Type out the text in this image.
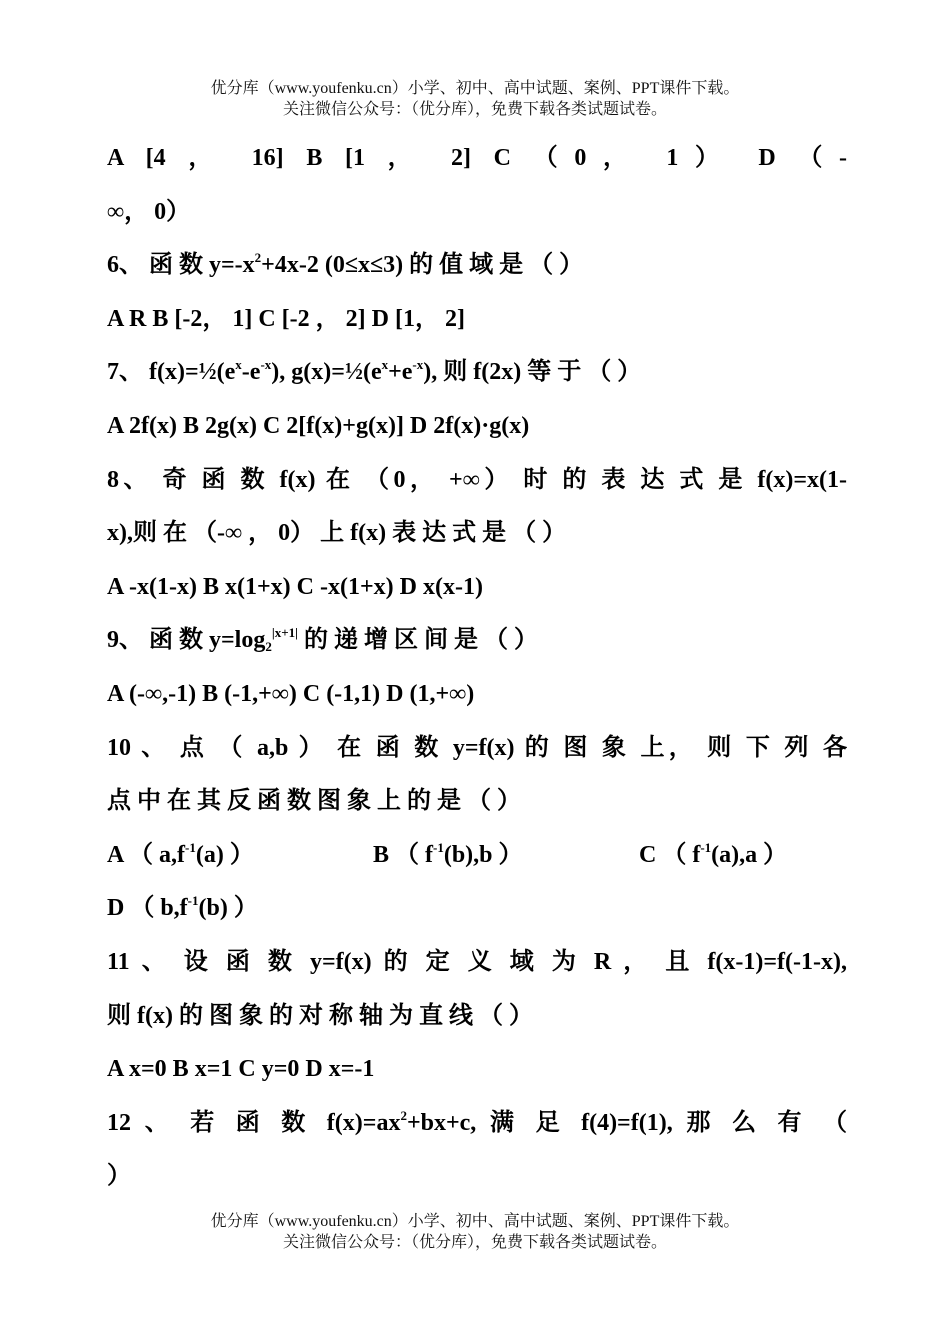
优分库（www.youfenku.cn）小学、初中、高中试题、案例、PPT课件下载。
关注微信公众号：（优分库），免费下载各类试题试卷。
A [4 ， 16] B [1 ， 2] C （0， 1） D （-
∞， 0）
6、 函 数 $y=-x^2+4x-2$ (0≤x≤3) 的 值 域 是 （ ）
A R B [-2， 1] C [-2 ， 2] D [1， 2]
7、 $f(x)=\frac{1}{2}(e^x-e^{-x})$, $g(x)=\frac{1}{2}(e^x+e^{-x})$, 则 f(2x) 等 于 （ ）
A 2f(x) B 2g(x) C 2[f(x)+g(x)] D 2f(x)·g(x)
8、 奇 函 数 f(x) 在 （0， +∞） 时 的 表 达 式 是 f(x)=x(1-
x),则 在 （-∞ ， 0） 上 f(x) 表 达 式 是 （ ）
A -x(1-x) B x(1+x) C -x(1+x) D x(x-1)
9、 函 数 $y=\log_2^{|x+1|}$ 的 递 增 区 间 是 （ ）
A (-∞,-1) B (-1,+∞) C (-1,1) D (1,+∞)
10 、 点 （ a,b ） 在 函 数 y=f(x) 的 图 象 上， 则 下 列 各
点 中 在 其 反 函 数 图 象 上 的 是 （ ）
A （ $a,f^{-1}(a)$ ）	B （ $f^{-1}(b),b$ ）	C （ $f^{-1}(a),a$ ）
D （ $b,f^{-1}(b)$ ）
11 、 设 函 数 y=f(x) 的 定 义 域 为 R ， 且 f(x-1)=f(-1-x),
则 f(x) 的 图 象 的 对 称 轴 为 直 线 （ ）
A x=0 B x=1 C y=0 D x=-1
12 、 若 函 数 $f(x)=ax^2+bx+c$, 满 足 f(4)=f(1), 那 么 有 （
）
优分库（www.youfenku.cn）小学、初中、高中试题、案例、PPT课件下载。
关注微信公众号：（优分库），免费下载各类试题试卷。
